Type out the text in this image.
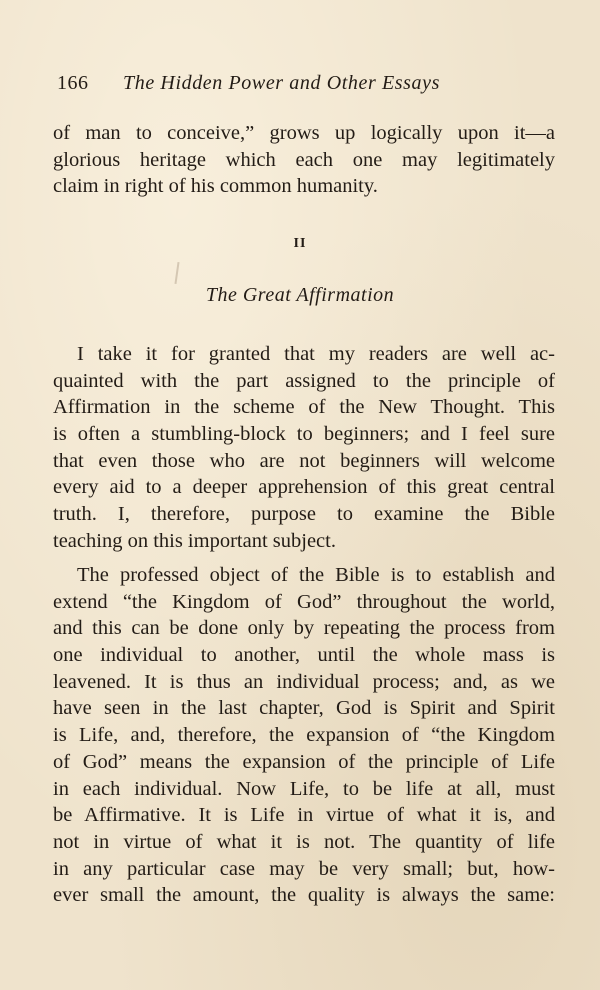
166 The Hidden Power and Other Essays
of man to conceive,” grows up logically upon it—a
glorious heritage which each one may legitimately
claim in right of his common humanity.
II
The Great Affirmation
I take it for granted that my readers are well ac-
quainted with the part assigned to the principle of
Affirmation in the scheme of the New Thought. This
is often a stumbling-block to beginners; and I feel sure
that even those who are not beginners will welcome
every aid to a deeper apprehension of this great central
truth. I, therefore, purpose to examine the Bible
teaching on this important subject.
The professed object of the Bible is to establish and
extend “the Kingdom of God” throughout the world,
and this can be done only by repeating the process from
one individual to another, until the whole mass is
leavened. It is thus an individual process; and, as we
have seen in the last chapter, God is Spirit and Spirit
is Life, and, therefore, the expansion of “the Kingdom
of God” means the expansion of the principle of Life
in each individual. Now Life, to be life at all, must
be Affirmative. It is Life in virtue of what it is, and
not in virtue of what it is not. The quantity of life
in any particular case may be very small; but, how-
ever small the amount, the quality is always the same:
